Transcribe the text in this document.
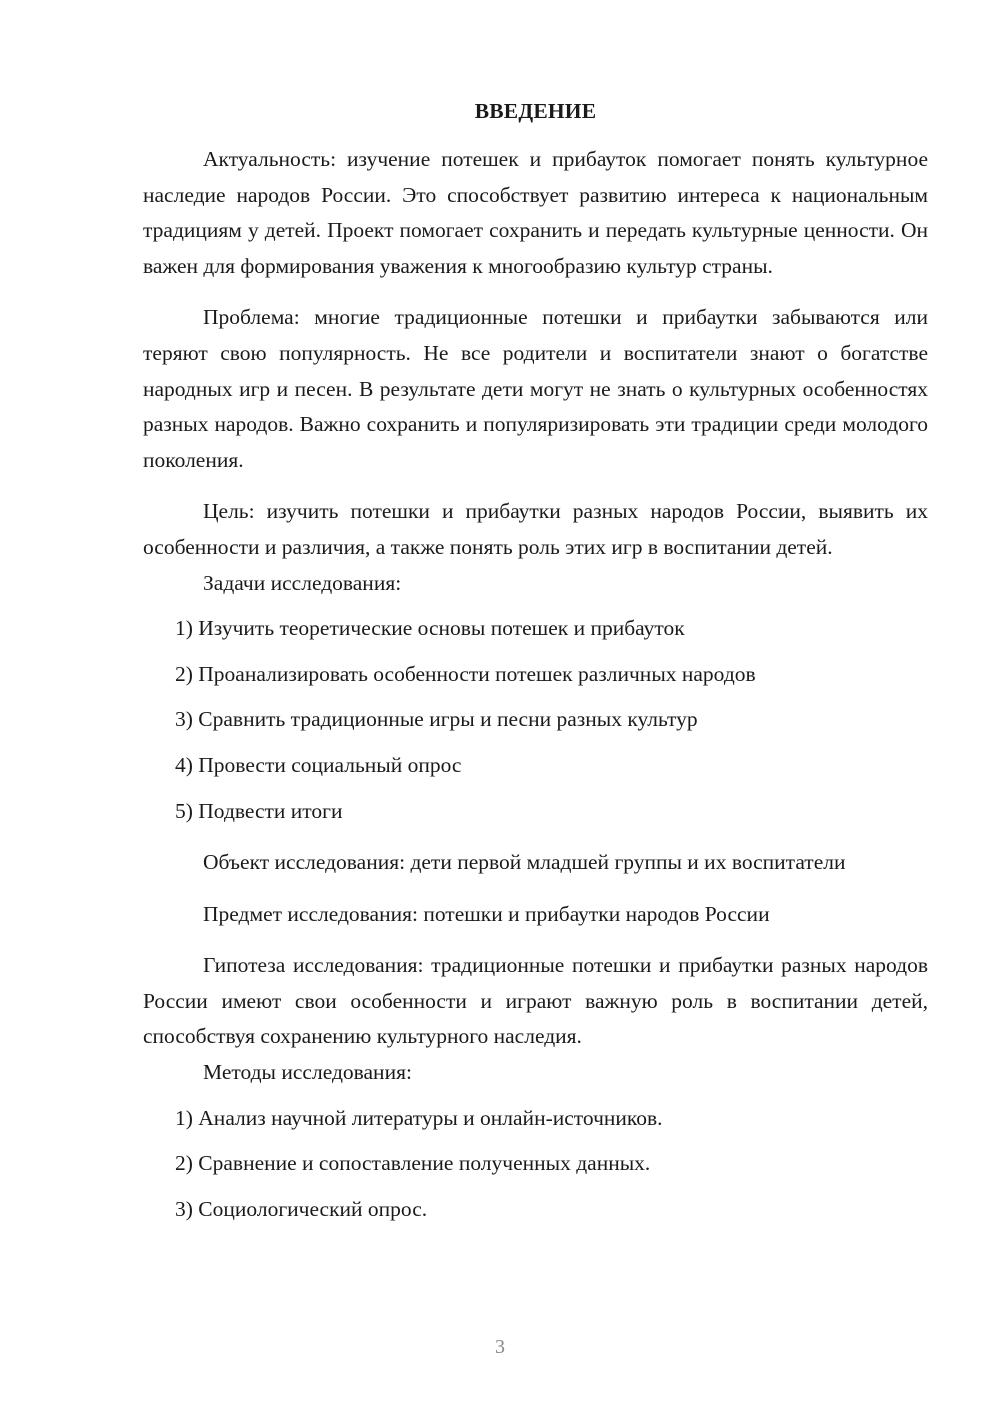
ВВЕДЕНИЕ

Актуальность: изучение потешек и прибауток помогает понять культурное наследие народов России. Это способствует развитию интереса к национальным традициям у детей. Проект помогает сохранить и передать культурные ценности. Он важен для формирования уважения к многообразию культур страны.

Проблема: многие традиционные потешки и прибаутки забываются или теряют свою популярность. Не все родители и воспитатели знают о богатстве народных игр и песен. В результате дети могут не знать о культурных особенностях разных народов. Важно сохранить и популяризировать эти традиции среди молодого поколения.

Цель: изучить потешки и прибаутки разных народов России, выявить их особенности и различия, а также понять роль этих игр в воспитании детей.

Задачи исследования:

1) Изучить теоретические основы потешек и прибауток
2) Проанализировать особенности потешек различных народов
3) Сравнить традиционные игры и песни разных культур
4) Провести социальный опрос
5) Подвести итоги

Объект исследования: дети первой младшей группы и их воспитатели

Предмет исследования: потешки и прибаутки народов России

Гипотеза исследования: традиционные потешки и прибаутки разных народов России имеют свои особенности и играют важную роль в воспитании детей, способствуя сохранению культурного наследия.

Методы исследования:

1) Анализ научной литературы и онлайн-источников.
2) Сравнение и сопоставление полученных данных.
3) Социологический опрос.
3
